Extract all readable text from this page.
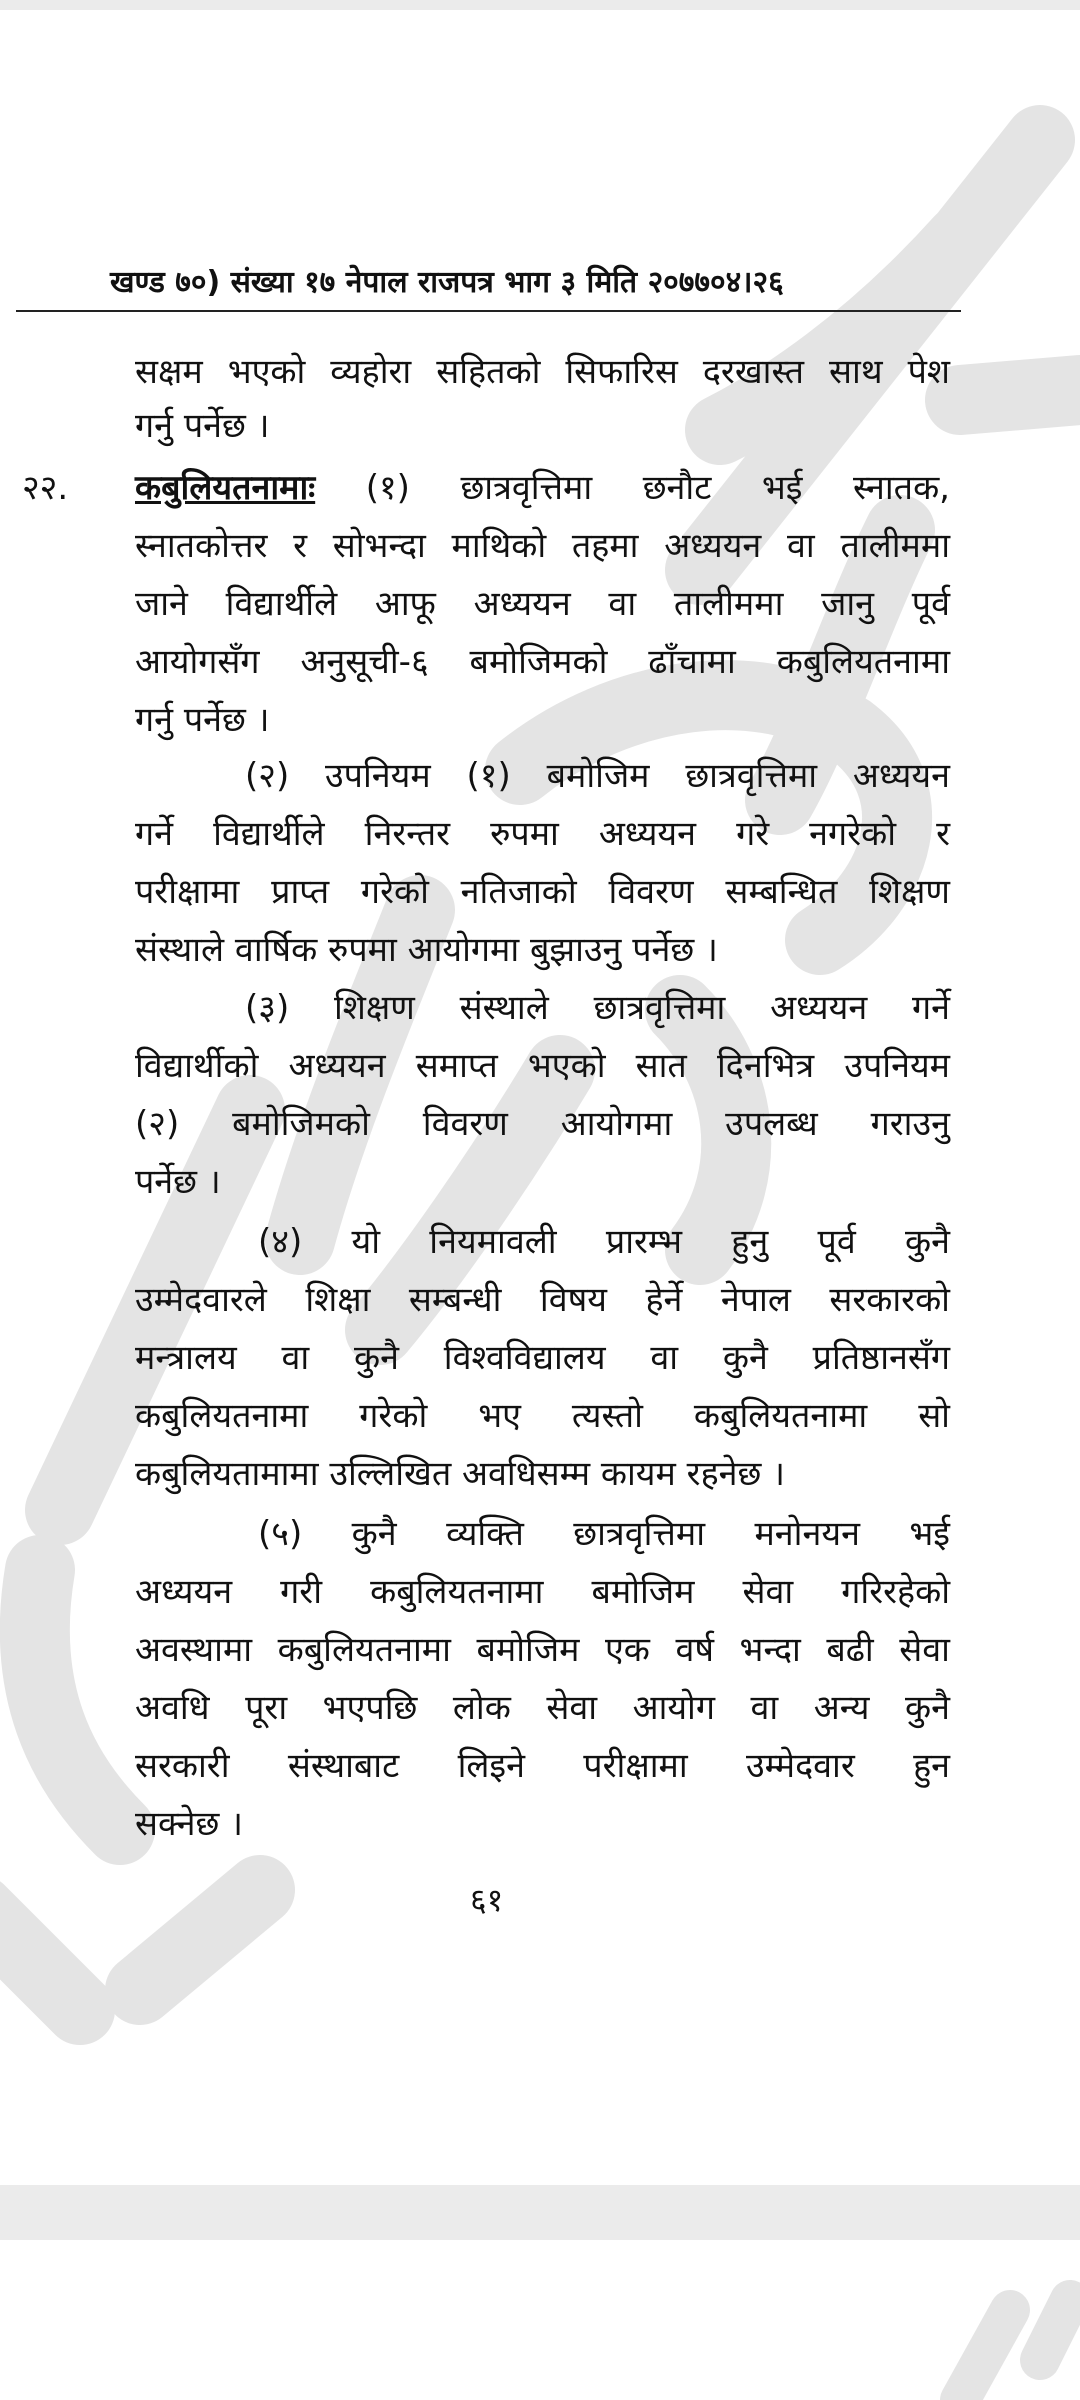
खण्ड ७०) संख्या १७ नेपाल राजपत्र भाग ३ मिति २०७७०४।२६
सक्षम भएको व्यहोरा सहितको सिफारिस दरखास्त साथ पेश
गर्नु पर्नेछ ।
२२. कबुलियतनामाः (१) छात्रवृत्तिमा छनौट भई स्नातक,
स्नातकोत्तर र सोभन्दा माथिको तहमा अध्ययन वा तालीममा
जाने विद्यार्थीले आफू अध्ययन वा तालीममा जानु पूर्व
आयोगसँग अनुसूची-६ बमोजिमको ढाँचामा कबुलियतनामा
गर्नु पर्नेछ ।
(२) उपनियम (१) बमोजिम छात्रवृत्तिमा अध्ययन
गर्ने विद्यार्थीले निरन्तर रुपमा अध्ययन गरे नगरेको र
परीक्षामा प्राप्त गरेको नतिजाको विवरण सम्बन्धित शिक्षण
संस्थाले वार्षिक रुपमा आयोगमा बुझाउनु पर्नेछ ।
(३) शिक्षण संस्थाले छात्रवृत्तिमा अध्ययन गर्ने
विद्यार्थीको अध्ययन समाप्त भएको सात दिनभित्र उपनियम
(२) बमोजिमको विवरण आयोगमा उपलब्ध गराउनु
पर्नेछ ।
(४) यो नियमावली प्रारम्भ हुनु पूर्व कुनै
उम्मेदवारले शिक्षा सम्बन्धी विषय हेर्ने नेपाल सरकारको
मन्त्रालय वा कुनै विश्वविद्यालय वा कुनै प्रतिष्ठानसँग
कबुलियतनामा गरेको भए त्यस्तो कबुलियतनामा सो
कबुलियतामामा उल्लिखित अवधिसम्म कायम रहनेछ ।
(५) कुनै व्यक्ति छात्रवृत्तिमा मनोनयन भई
अध्ययन गरी कबुलियतनामा बमोजिम सेवा गरिरहेको
अवस्थामा कबुलियतनामा बमोजिम एक वर्ष भन्दा बढी सेवा
अवधि पूरा भएपछि लोक सेवा आयोग वा अन्य कुनै
सरकारी संस्थाबाट लिइने परीक्षामा उम्मेदवार हुन
सक्नेछ ।
६१
